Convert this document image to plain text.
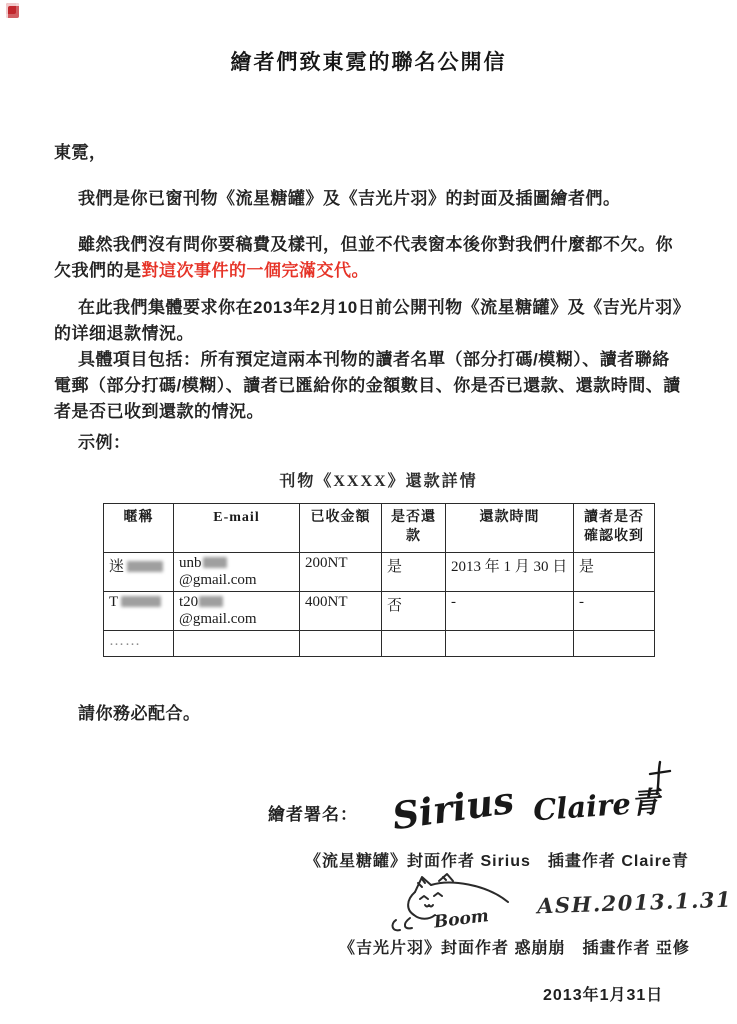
繪者們致東霓的聯名公開信

東霓，

我們是你已窗刊物《流星糖罐》及《吉光片羽》的封面及插圖繪者們。

雖然我們沒有問你要稿費及樣刊，但並不代表窗本後你對我們什麼都不欠。你欠我們的是對這次事件的一個完滿交代。

在此我們集體要求你在2013年2月10日前公開刊物《流星糖罐》及《吉光片羽》的详细退款情況。

具體項目包括：所有預定這兩本刊物的讀者名單（部分打碼/模糊）、讀者聯絡電郵（部分打碼/模糊）、讀者已匯給你的金額數目、你是否已還款、還款時間、讀者是否已收到還款的情況。

示例：

刊物《XXXX》還款詳情

暱稱	E-mail	已收金額	是否還款	還款時間	讀者是否確認收到
迷	unb@gmail.com	200NT	是	2013 年 1 月 30 日	是
T	t20@gmail.com	400NT	否	-	-
……					

請你務必配合。

繪者署名： Sirius Claire青

《流星糖罐》封面作者 Sirius　插畫作者 Claire青

Boom
ASH.2013.1.31

《吉光片羽》封面作者 惑崩崩　插畫作者 亞修

2013年1月31日
